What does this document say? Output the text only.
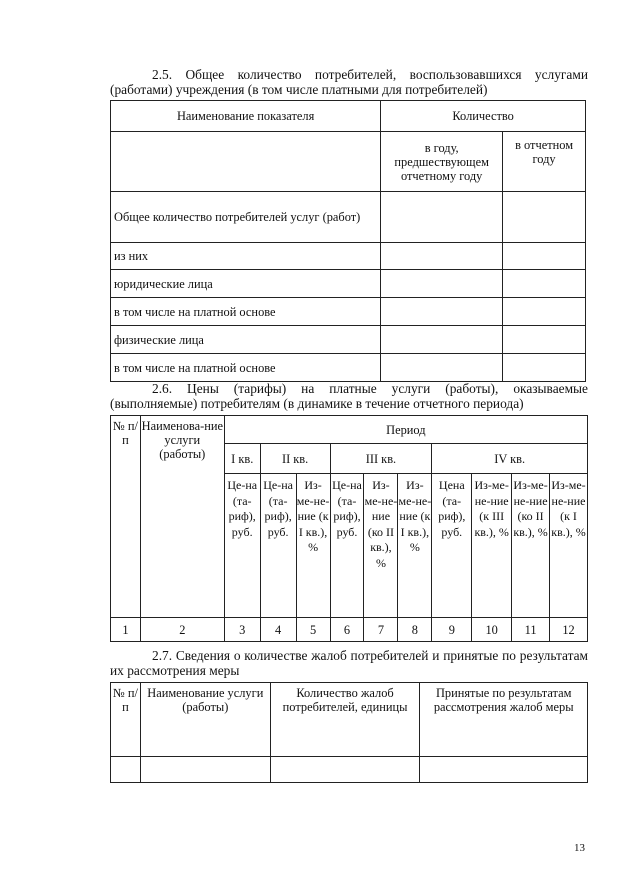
2.5. Общее количество потребителей, воспользовавшихся услугами (работами) учреждения (в том числе платными для потребителей)
Наименование показателя	Количество	
	в году, предшествующем отчетному году	в отчетном году
Общее количество потребителей услуг (работ)		
из них		
юридические лица		
в том числе на платной основе		
физические лица		
в том числе на платной основе		
2.6. Цены (тарифы) на платные услуги (работы), оказываемые (выполняемые) потребителям (в динамике в течение отчетного периода)
№ п/п	Наименова-ние услуги (работы)	Период									
		I кв.	II кв.		III кв.			IV кв.			
		Це-на (та-риф), руб.	Це-на (та-риф), руб.	Из-ме-не-ние (к I кв.), %	Це-на (та-риф), руб.	Из-ме-не-ние (ко II кв.), %	Из-ме-не-ние (к I кв.), %	Цена (та-риф), руб.	Из-ме-не-ние (к III кв.), %	Из-ме-не-ние (ко II кв.), %	Из-ме-не-ние (к I кв.), %
1	2	3	4	5	6	7	8	9	10	11	12
2.7. Сведения о количестве жалоб потребителей и принятые по результатам их рассмотрения меры
№ п/п	Наименование услуги (работы)	Количество жалоб потребителей, единицы	Принятые по результатам рассмотрения жалоб меры

13
